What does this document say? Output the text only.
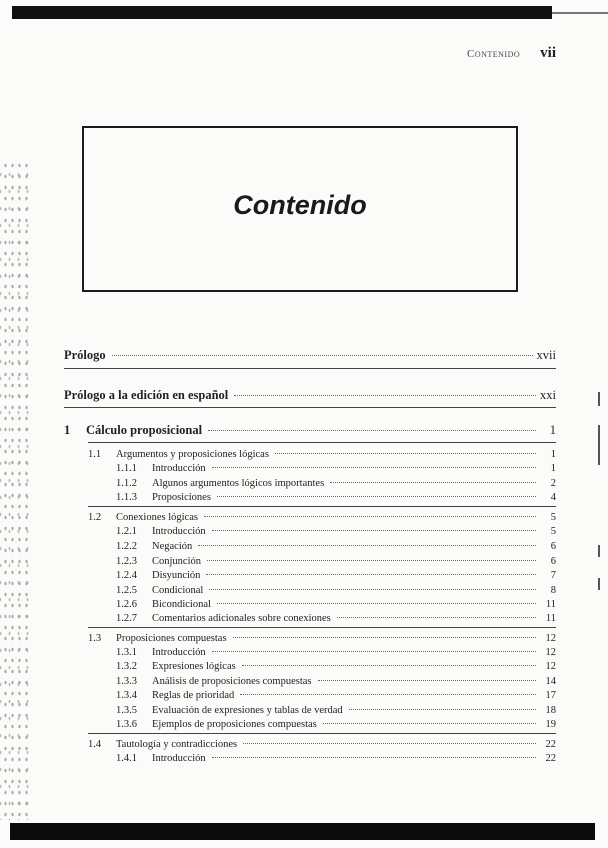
Contenido vii
Contenido
Prólogo	xvii
Prólogo a la edición en español	xxi
1	Cálculo proposicional	1
1.1	Argumentos y proposiciones lógicas	1
1.1.1	Introducción	1
1.1.2	Algunos argumentos lógicos importantes	2
1.1.3	Proposiciones	4
1.2	Conexiones lógicas	5
1.2.1	Introducción	5
1.2.2	Negación	6
1.2.3	Conjunción	6
1.2.4	Disyunción	7
1.2.5	Condicional	8
1.2.6	Bicondicional	11
1.2.7	Comentarios adicionales sobre conexiones	11
1.3	Proposiciones compuestas	12
1.3.1	Introducción	12
1.3.2	Expresiones lógicas	12
1.3.3	Análisis de proposiciones compuestas	14
1.3.4	Reglas de prioridad	17
1.3.5	Evaluación de expresiones y tablas de verdad	18
1.3.6	Ejemplos de proposiciones compuestas	19
1.4	Tautología y contradicciones	22
1.4.1	Introducción	22
